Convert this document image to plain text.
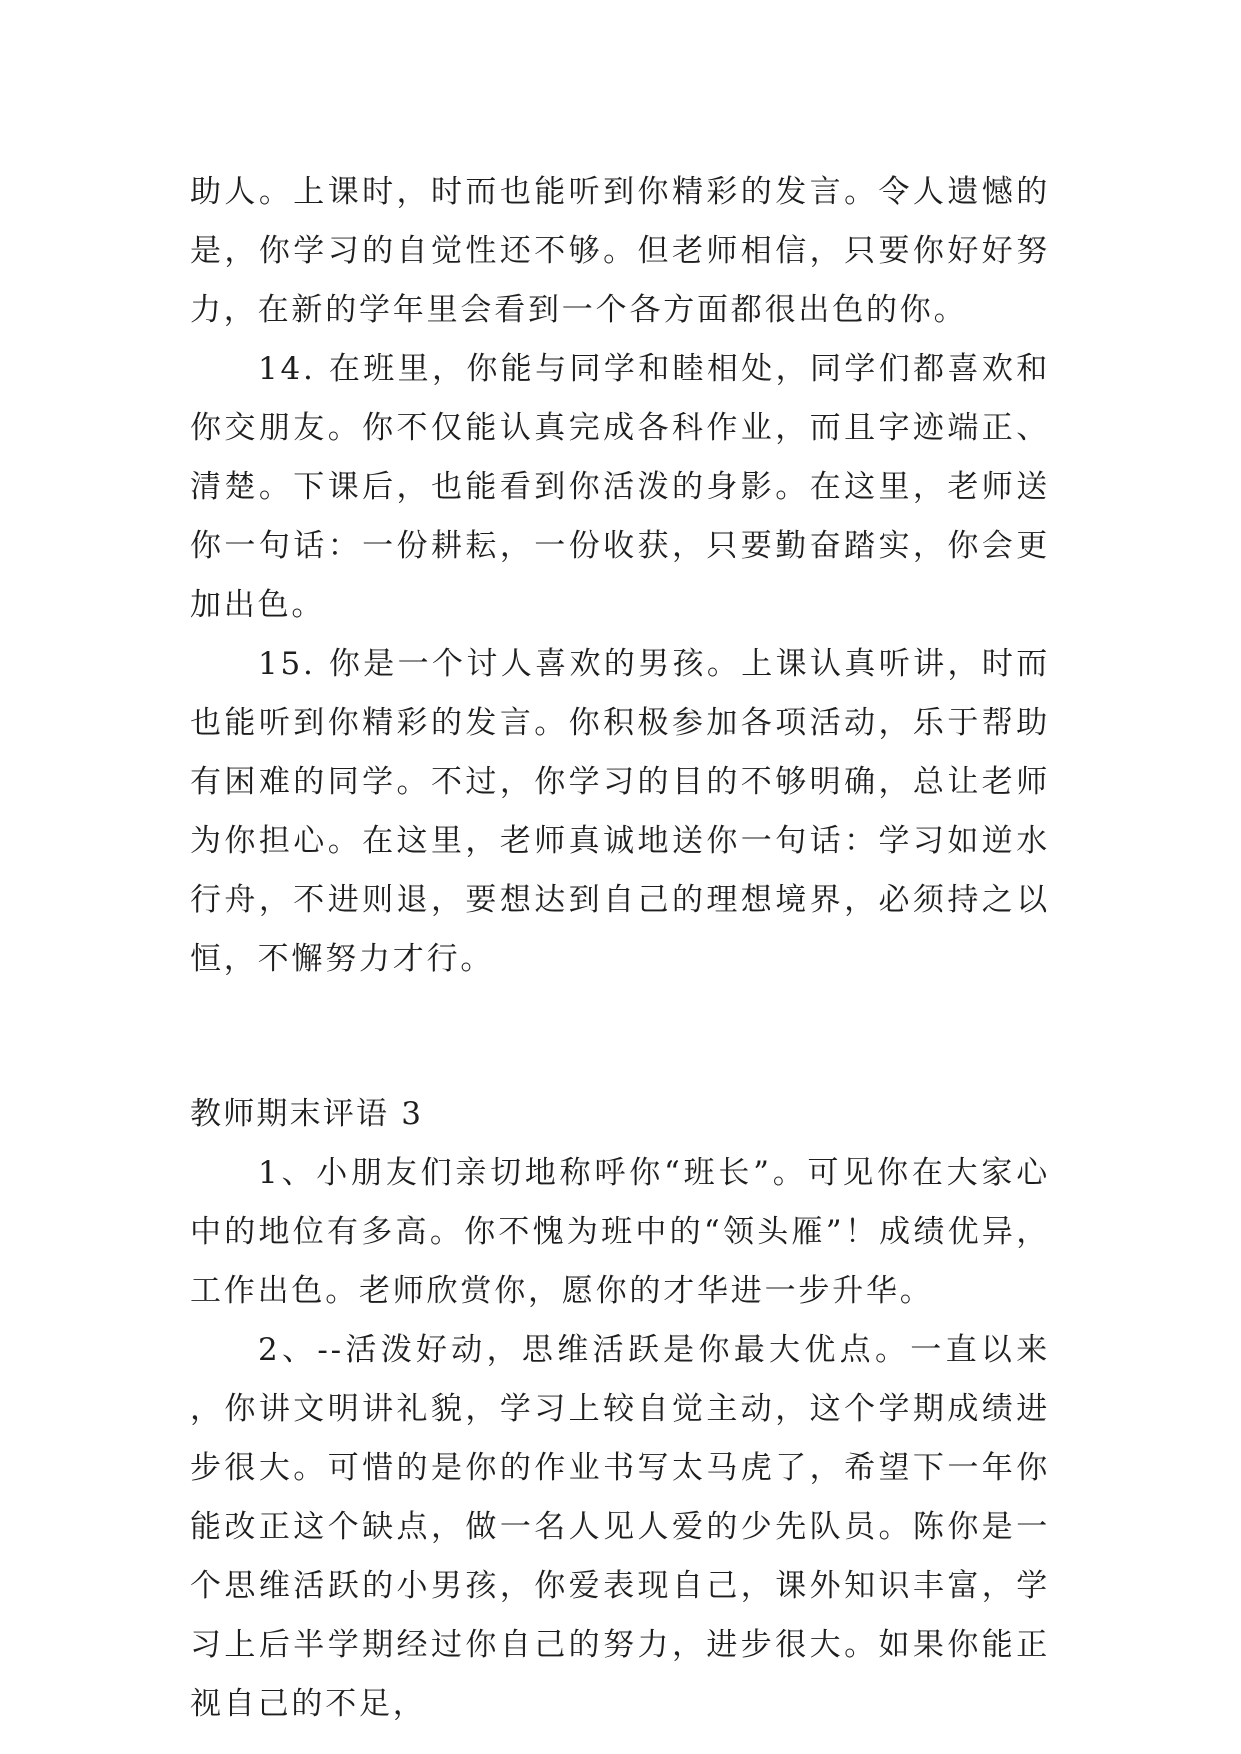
助人。上课时，时而也能听到你精彩的发言。令人遗憾的是，你学习的自觉性还不够。但老师相信，只要你好好努力，在新的学年里会看到一个各方面都很出色的你。

14. 在班里，你能与同学和睦相处，同学们都喜欢和你交朋友。你不仅能认真完成各科作业，而且字迹端正、清楚。下课后，也能看到你活泼的身影。在这里，老师送你一句话：一份耕耘，一份收获，只要勤奋踏实，你会更加出色。

15. 你是一个讨人喜欢的男孩。上课认真听讲，时而也能听到你精彩的发言。你积极参加各项活动，乐于帮助有困难的同学。不过，你学习的目的不够明确，总让老师为你担心。在这里，老师真诚地送你一句话：学习如逆水行舟，不进则退，要想达到自己的理想境界，必须持之以恒，不懈努力才行。

教师期末评语 3

1、小朋友们亲切地称呼你“班长”。可见你在大家心中的地位有多高。你不愧为班中的“领头雁”！成绩优异，工作出色。老师欣赏你，愿你的才华进一步升华。

2、--活泼好动，思维活跃是你最大优点。一直以来，你讲文明讲礼貌，学习上较自觉主动，这个学期成绩进步很大。可惜的是你的作业书写太马虎了，希望下一年你能改正这个缺点，做一名人见人爱的少先队员。陈你是一个思维活跃的小男孩，你爱表现自己，课外知识丰富，学习上后半学期经过你自己的努力，进步很大。如果你能正视自己的不足，
